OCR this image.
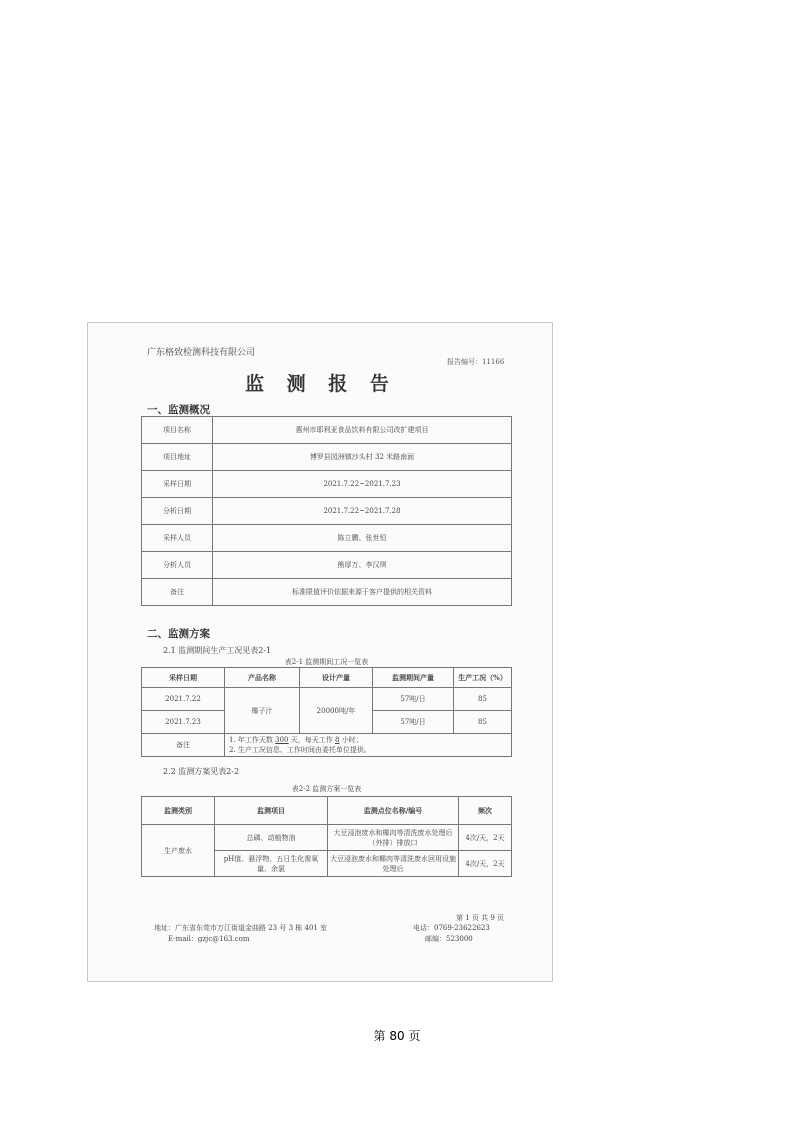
广东格致检测科技有限公司
报告编号：11166
监 测 报 告
一、监测概况
项目名称	惠州市耶利亚食品饮料有限公司改扩建项目
项目地址	博罗县园洲镇沙头村 32 米路南面
采样日期	2021.7.22~2021.7.23
分析日期	2021.7.22~2021.7.28
采样人员	陈立鹏、张世恒
分析人员	熊厚万、李汉琪
备注	标准限值评价依据来源于客户提供的相关资料
二、监测方案
2.1 监测期间生产工况见表2-1
表2-1 监测期间工况一览表
采样日期	产品名称	设计产量	监测期间产量	生产工况（%）
2021.7.22	椰子汁	20000吨/年	57吨/日	85
2021.7.23			57吨/日	85
备注	1. 年工作天数 300 天，每天工作 8 小时；
2. 生产工况信息、工作时间由委托单位提供。			
2.2 监测方案见表2-2
表2-2 监测方案一览表
监测类别	监测项目	监测点位名称/编号	频次
生产废水	总磷、动植物油	大豆浸泡废水和椰肉等清洗废水处理后（外排）排放口	4次/天，2天
	pH值、悬浮物、五日生化需氧量、余氯	大豆浸泡废水和椰肉等清洗废水回用设施处理后	4次/天，2天
第 1 页 共 9 页
地址：广东省东莞市万江街道金曲路 23 号 3 栋 401 室	电话：0769-23622623
E-mail：gzjc@163.com	邮编：523000
第 80 页
